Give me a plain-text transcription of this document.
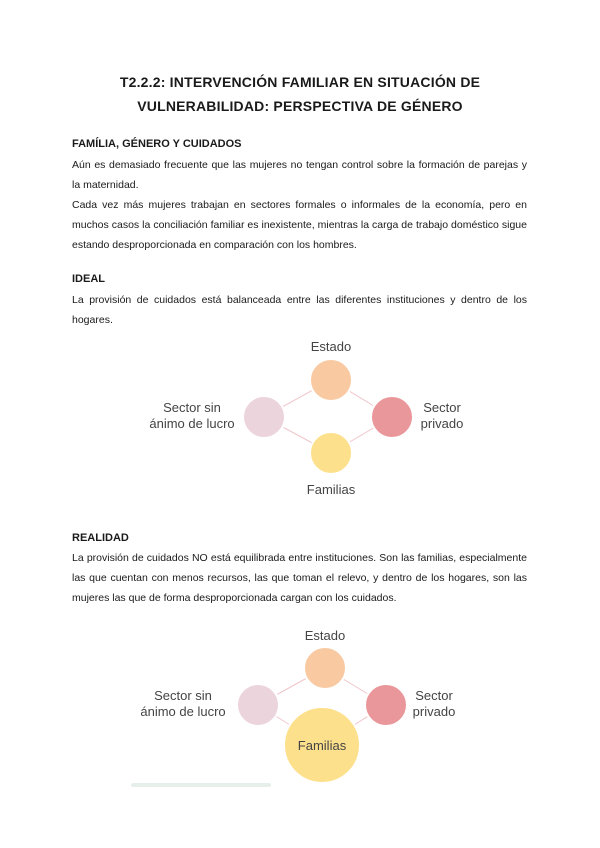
T2.2.2: INTERVENCIÓN FAMILIAR EN SITUACIÓN DE
VULNERABILIDAD: PERSPECTIVA DE GÉNERO
FAMÍLIA, GÉNERO Y CUIDADOS

Aún es demasiado frecuente que las mujeres no tengan control sobre la formación de parejas y la maternidad.

Cada vez más mujeres trabajan en sectores formales o informales de la economía, pero en muchos casos la conciliación familiar es inexistente, mientras la carga de trabajo doméstico sigue estando desproporcionada en comparación con los hombres.

IDEAL

La provisión de cuidados está balanceada entre las diferentes instituciones y dentro de los hogares.

Estado
Sector sin
ánimo de lucro
Sector
privado
Familias
REALIDAD

La provisión de cuidados NO está equilibrada entre instituciones. Son las familias, especialmente las que cuentan con menos recursos, las que toman el relevo, y dentro de los hogares, son las mujeres las que de forma desproporcionada cargan con los cuidados.

Estado
Sector sin
ánimo de lucro
Sector
privado
Familias
